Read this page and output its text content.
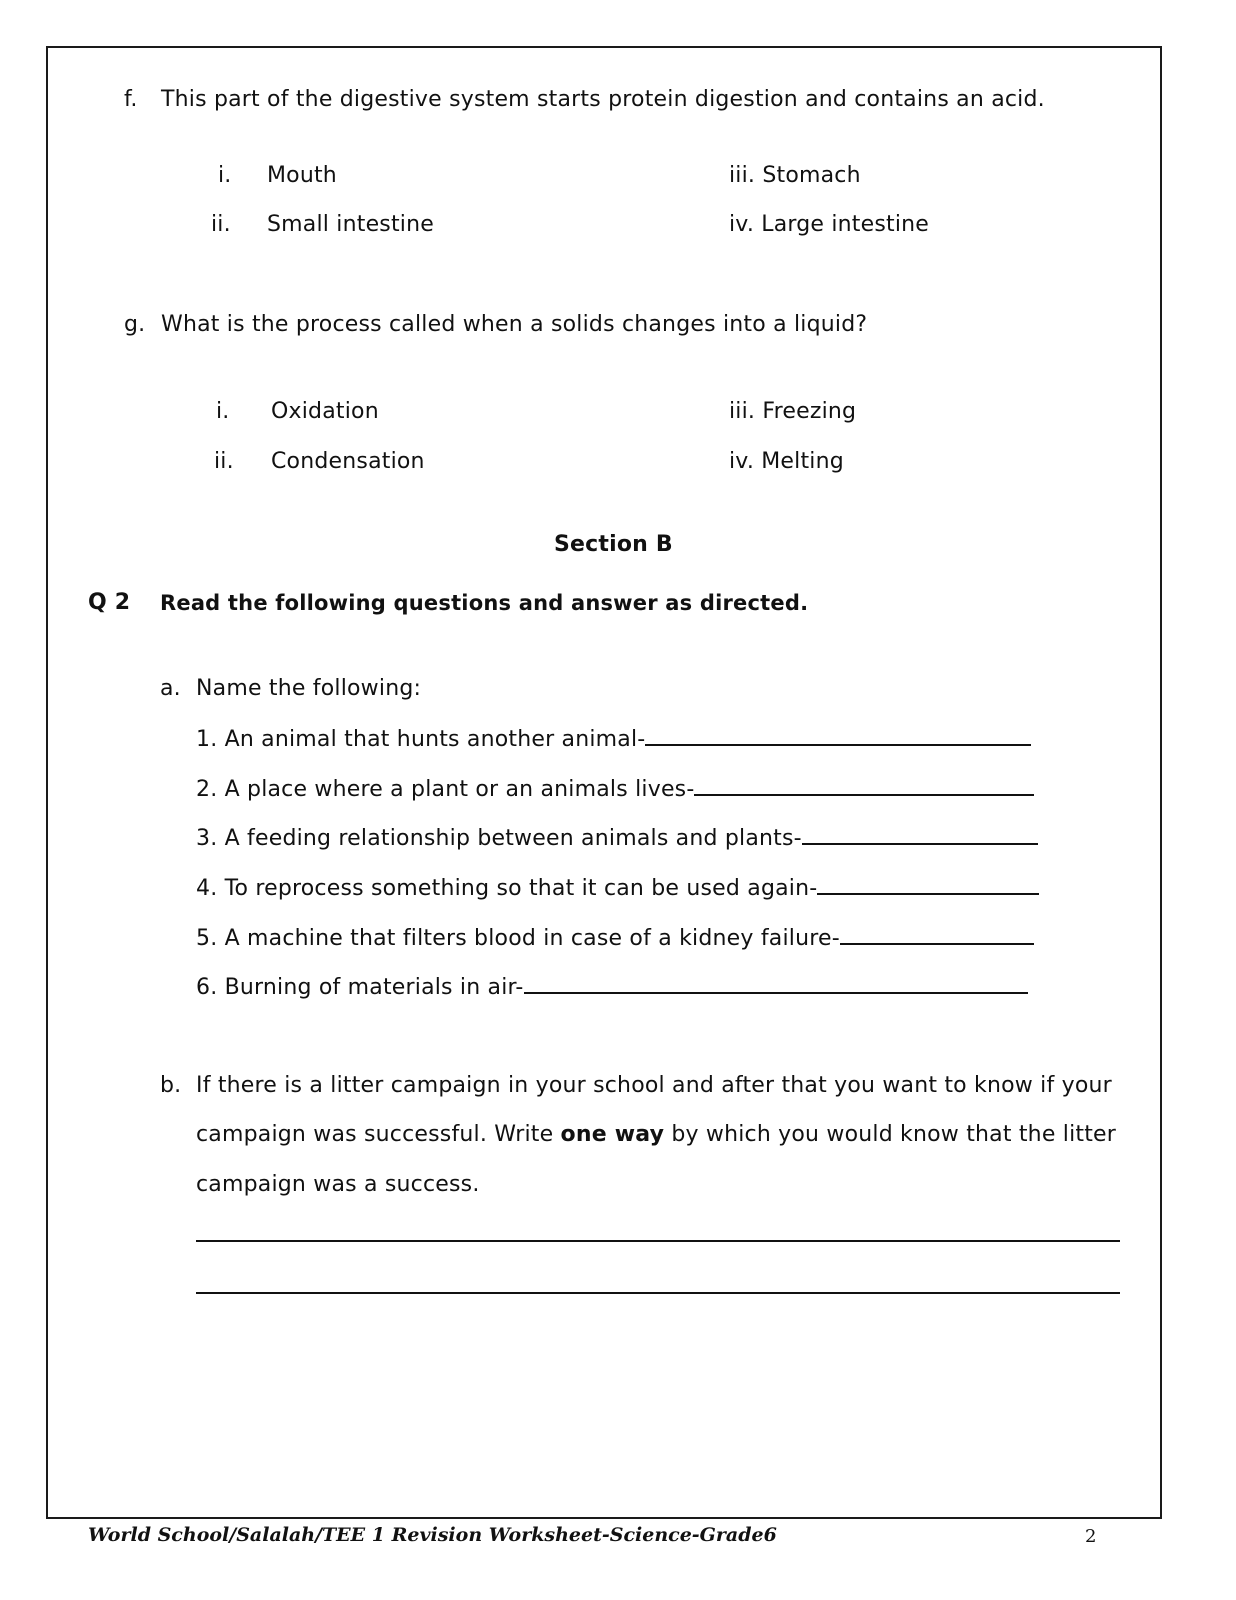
f. This part of the digestive system starts protein digestion and contains an acid.
i. Mouth
ii. Small intestine
iii. Stomach
iv. Large intestine
g. What is the process called when a solids changes into a liquid?
i. Oxidation
ii. Condensation
iii. Freezing
iv. Melting
Section B
Q 2 Read the following questions and answer as directed.
a. Name the following:
1. An animal that hunts another animal-
2. A place where a plant or an animals lives-
3. A feeding relationship between animals and plants-
4. To reprocess something so that it can be used again-
5. A machine that filters blood in case of a kidney failure-
6. Burning of materials in air-
b. If there is a litter campaign in your school and after that you want to know if your
campaign was successful. Write one way by which you would know that the litter
campaign was a success.
World School/Salalah/TEE 1 Revision Worksheet-Science-Grade6	2
